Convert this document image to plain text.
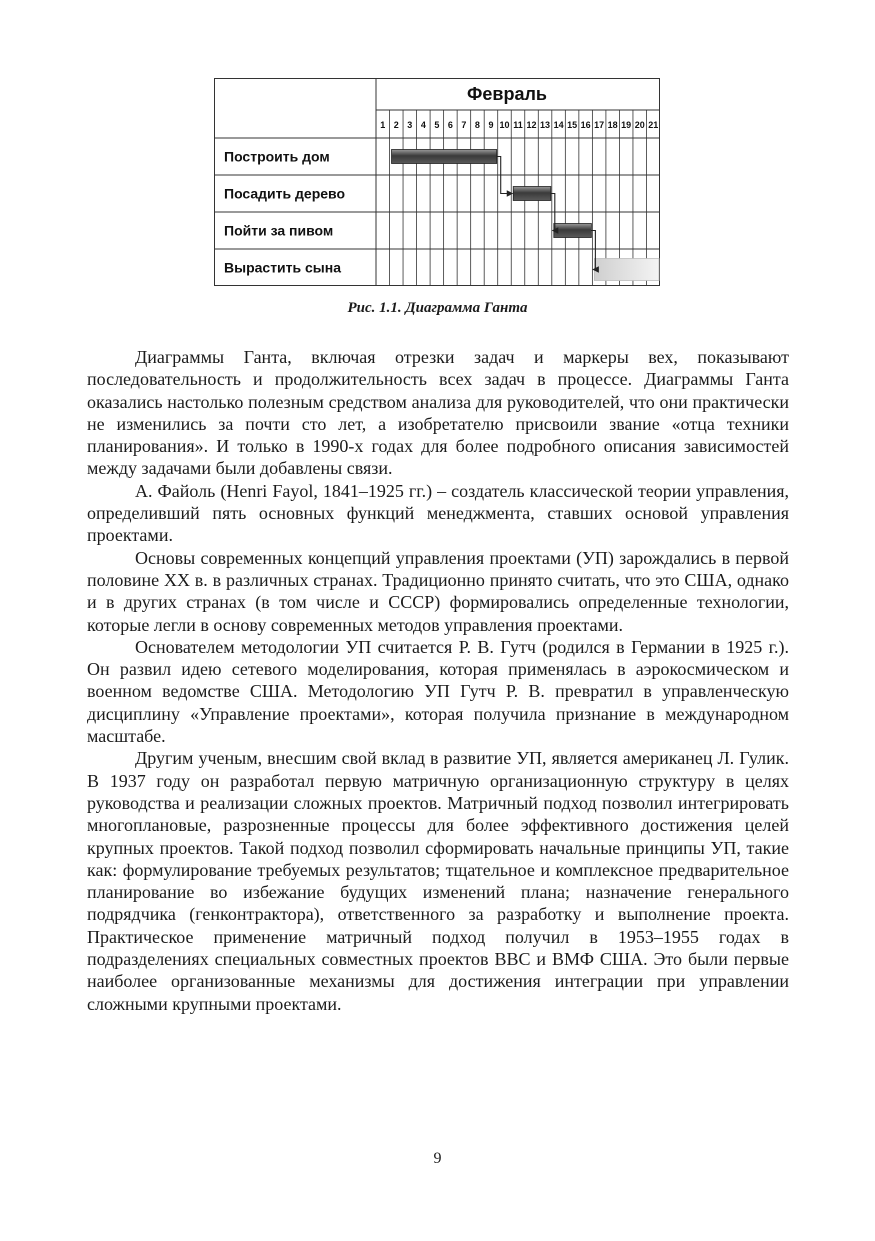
Февраль
1 2 3 4 5 6 7 8 9 10 11 12 13 14 15 16 17 18 19 20 21
Построить дом
Посадить дерево
Пойти за пивом
Вырастить сына
Рис. 1.1. Диаграмма Ганта

Диаграммы Ганта, включая отрезки задач и маркеры вех, показывают последовательность и продолжительность всех задач в процессе. Диаграммы Ганта оказались настолько полезным средством анализа для руководителей, что они практически не изменились за почти сто лет, а изобретателю присвоили звание «отца техники планирования». И только в 1990-х годах для более подробного описания зависимостей между задачами были добавлены связи.

А. Файоль (Henri Fayol, 1841–1925 гг.) – создатель классической теории управления, определивший пять основных функций менеджмента, ставших основой управления проектами.

Основы современных концепций управления проектами (УП) зарождались в первой половине XX в. в различных странах. Традиционно принято считать, что это США, однако и в других странах (в том числе и СССР) формировались определенные технологии, которые легли в основу современных методов управления проектами.

Основателем методологии УП считается Р. В. Гутч (родился в Германии в 1925 г.). Он развил идею сетевого моделирования, которая применялась в аэрокосмическом и военном ведомстве США. Методологию УП Гутч Р. В. превратил в управленческую дисциплину «Управление проектами», которая получила признание в международном масштабе.

Другим ученым, внесшим свой вклад в развитие УП, является американец Л. Гулик. В 1937 году он разработал первую матричную организационную структуру в целях руководства и реализации сложных проектов. Матричный подход позволил интегрировать многоплановые, разрозненные процессы для более эффективного достижения целей крупных проектов. Такой подход позволил сформировать начальные принципы УП, такие как: формулирование требуемых результатов; тщательное и комплексное предварительное планирование во избежание будущих изменений плана; назначение генерального подрядчика (генконтрактора), ответственного за разработку и выполнение проекта. Практическое применение матричный подход получил в 1953–1955 годах в подразделениях специальных совместных проектов ВВС и ВМФ США. Это были первые наиболее организованные механизмы для достижения интеграции при управлении сложными крупными проектами.

9
